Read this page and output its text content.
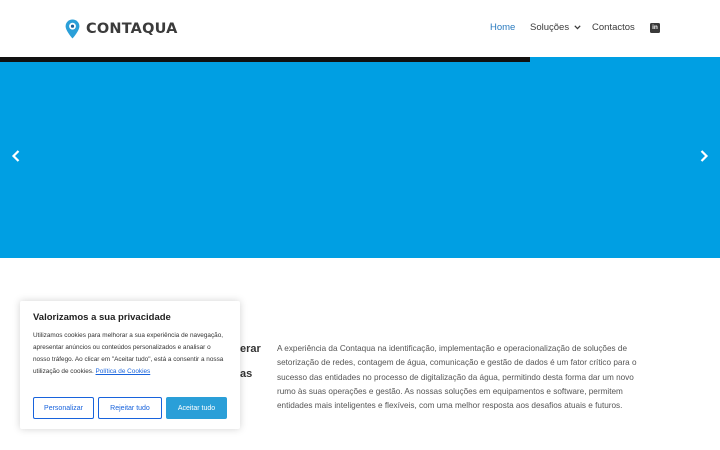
CONTAQUA	Home Soluções Contactos	in
erar
as

A experiência da Contaqua na identificação, implementação e operacionalização de soluções de setorização de redes, contagem de água, comunicação e gestão de dados é um fator crítico para o sucesso das entidades no processo de digitalização da água, permitindo desta forma dar um novo rumo às suas operações e gestão. As nossas soluções em equipamentos e software, permitem entidades mais inteligentes e flexíveis, com uma melhor resposta aos desafios atuais e futuros.

Valorizamos a sua privacidade

Utilizamos cookies para melhorar a sua experiência de navegação, apresentar anúncios ou conteúdos personalizados e analisar o nosso tráfego. Ao clicar em "Aceitar tudo", está a consentir a nossa utilização de cookies. Política de Cookies

Personalizar	Rejeitar tudo	Aceitar tudo
